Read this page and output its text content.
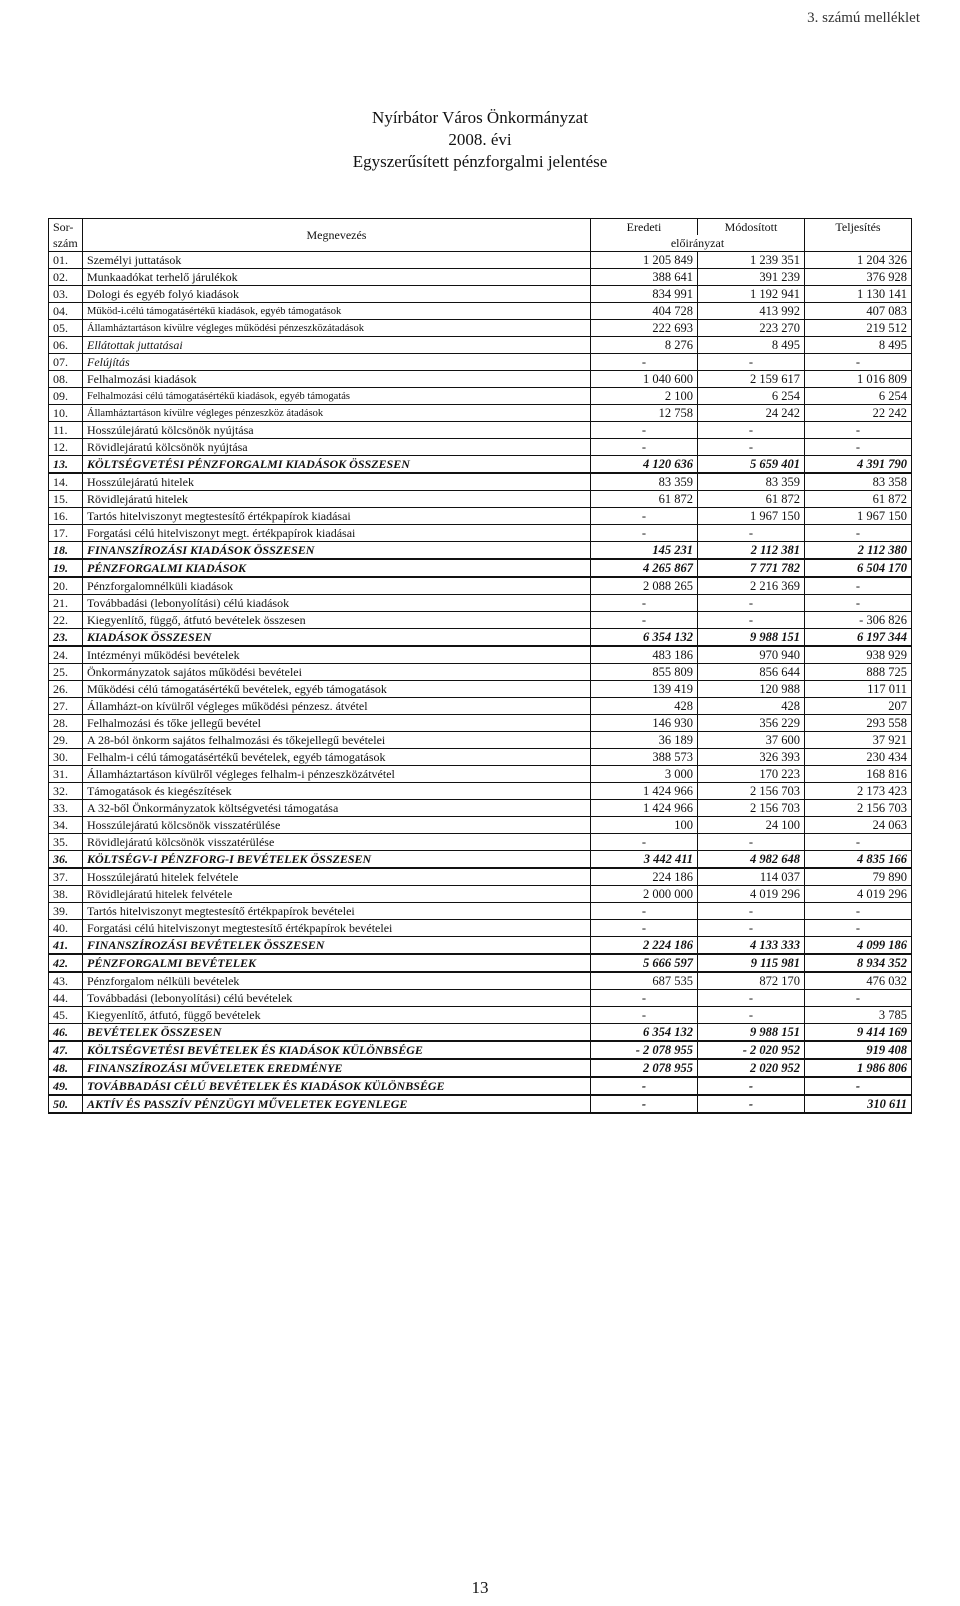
3. számú melléklet
Nyírbátor Város Önkormányzat
2008. évi
Egyszerűsített pénzforgalmi jelentése
Sor-	Megnevezés	Eredeti	Módosított	Teljesítés
szám		előirányzat		
01.	Személyi juttatások	1 205 849	1 239 351	1 204 326
02.	Munkaadókat terhelő járulékok	388 641	391 239	376 928
03.	Dologi és egyéb folyó kiadások	834 991	1 192 941	1 130 141
04.	Működ-i.célú támogatásértékű kiadások, egyéb támogatások	404 728	413 992	407 083
05.	Államháztartáson kívülre végleges működési pénzeszközátadások	222 693	223 270	219 512
06.	Ellátottak juttatásai	8 276	8 495	8 495
07.	Felújítás	-	-	-
08.	Felhalmozási kiadások	1 040 600	2 159 617	1 016 809
09.	Felhalmozási célú támogatásértékű kiadások, egyéb támogatás	2 100	6 254	6 254
10.	Államháztartáson kívülre végleges pénzeszköz átadások	12 758	24 242	22 242
11.	Hosszúlejáratú kölcsönök nyújtása	-	-	-
12.	Rövidlejáratú kölcsönök nyújtása	-	-	-
13.	KÖLTSÉGVETÉSI PÉNZFORGALMI KIADÁSOK ÖSSZESEN	4 120 636	5 659 401	4 391 790
14.	Hosszúlejáratú hitelek	83 359	83 359	83 358
15.	Rövidlejáratú hitelek	61 872	61 872	61 872
16.	Tartós hitelviszonyt megtestesítő értékpapírok kiadásai	-	1 967 150	1 967 150
17.	Forgatási célú hitelviszonyt megt. értékpapírok kiadásai	-	-	-
18.	FINANSZÍROZÁSI KIADÁSOK ÖSSZESEN	145 231	2 112 381	2 112 380
19.	PÉNZFORGALMI KIADÁSOK	4 265 867	7 771 782	6 504 170
20.	Pénzforgalomnélküli kiadások	2 088 265	2 216 369	-
21.	Továbbadási (lebonyolítási) célú kiadások	-	-	-
22.	Kiegyenlítő, függő, átfutó bevételek összesen	-	-	- 306 826
23.	KIADÁSOK ÖSSZESEN	6 354 132	9 988 151	6 197 344
24.	Intézményi működési bevételek	483 186	970 940	938 929
25.	Önkormányzatok sajátos működési bevételei	855 809	856 644	888 725
26.	Működési célú támogatásértékű bevételek, egyéb támogatások	139 419	120 988	117 011
27.	Államházt-on kívülről végleges működési pénzesz. átvétel	428	428	207
28.	Felhalmozási és tőke jellegű bevétel	146 930	356 229	293 558
29.	A 28-ból önkorm sajátos felhalmozási és tőkejellegű bevételei	36 189	37 600	37 921
30.	Felhalm-i célú támogatásértékű bevételek, egyéb támogatások	388 573	326 393	230 434
31.	Államháztartáson kívülről végleges felhalm-i pénzeszközátvétel	3 000	170 223	168 816
32.	Támogatások és kiegészítések	1 424 966	2 156 703	2 173 423
33.	A 32-ből Önkormányzatok költségvetési támogatása	1 424 966	2 156 703	2 156 703
34.	Hosszúlejáratú kölcsönök visszatérülése	100	24 100	24 063
35.	Rövidlejáratú kölcsönök visszatérülése	-	-	-
36.	KÖLTSÉGV-I PÉNZFORG-I BEVÉTELEK ÖSSZESEN	3 442 411	4 982 648	4 835 166
37.	Hosszúlejáratú hitelek felvétele	224 186	114 037	79 890
38.	Rövidlejáratú hitelek felvétele	2 000 000	4 019 296	4 019 296
39.	Tartós hitelviszonyt megtestesítő értékpapírok bevételei	-	-	-
40.	Forgatási célú hitelviszonyt megtestesítő értékpapírok bevételei	-	-	-
41.	FINANSZÍROZÁSI BEVÉTELEK ÖSSZESEN	2 224 186	4 133 333	4 099 186
42.	PÉNZFORGALMI BEVÉTELEK	5 666 597	9 115 981	8 934 352
43.	Pénzforgalom nélküli bevételek	687 535	872 170	476 032
44.	Továbbadási (lebonyolítási) célú bevételek	-	-	-
45.	Kiegyenlítő, átfutó, függő bevételek	-	-	3 785
46.	BEVÉTELEK ÖSSZESEN	6 354 132	9 988 151	9 414 169
47.	KÖLTSÉGVETÉSI BEVÉTELEK ÉS KIADÁSOK KÜLÖNBSÉGE	- 2 078 955	- 2 020 952	919 408
48.	FINANSZÍROZÁSI MŰVELETEK EREDMÉNYE	2 078 955	2 020 952	1 986 806
49.	TOVÁBBADÁSI CÉLÚ BEVÉTELEK ÉS KIADÁSOK KÜLÖNBSÉGE	-	-	-
50.	AKTÍV ÉS PASSZÍV PÉNZÜGYI MŰVELETEK EGYENLEGE	-	-	310 611
13
